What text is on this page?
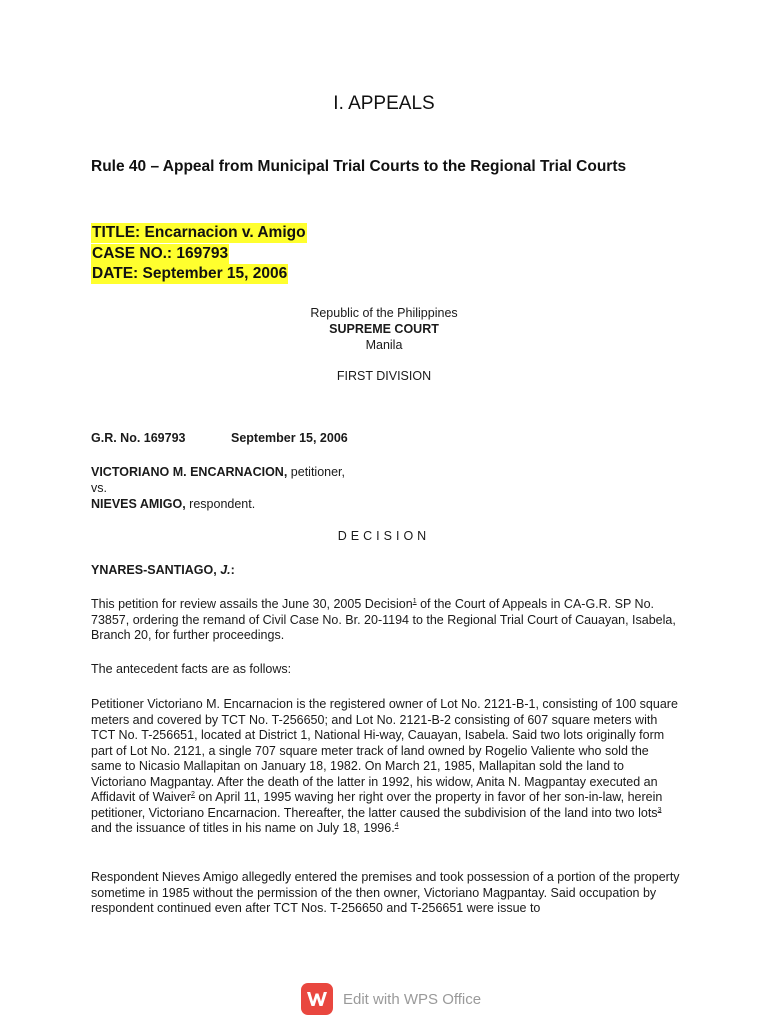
I. APPEALS
Rule 40 – Appeal from Municipal Trial Courts to the Regional Trial Courts
TITLE: Encarnacion v. Amigo
CASE NO.: 169793
DATE: September 15, 2006
Republic of the Philippines
SUPREME COURT
Manila
FIRST DIVISION
G.R. No. 169793	September 15, 2006
VICTORIANO M. ENCARNACION, petitioner,
vs.
NIEVES AMIGO, respondent.
DECISION
YNARES-SANTIAGO, J.:
This petition for review assails the June 30, 2005 Decision$^1$ of the Court of Appeals in CA-G.R. SP No. 73857, ordering the remand of Civil Case No. Br. 20-1194 to the Regional Trial Court of Cauayan, Isabela, Branch 20, for further proceedings.
The antecedent facts are as follows:
Petitioner Victoriano M. Encarnacion is the registered owner of Lot No. 2121-B-1, consisting of 100 square meters and covered by TCT No. T-256650; and Lot No. 2121-B-2 consisting of 607 square meters with TCT No. T-256651, located at District 1, National Hi-way, Cauayan, Isabela. Said two lots originally form part of Lot No. 2121, a single 707 square meter track of land owned by Rogelio Valiente who sold the same to Nicasio Mallapitan on January 18, 1982. On March 21, 1985, Mallapitan sold the land to Victoriano Magpantay. After the death of the latter in 1992, his widow, Anita N. Magpantay executed an Affidavit of Waiver$^2$ on April 11, 1995 waving her right over the property in favor of her son-in-law, herein petitioner, Victoriano Encarnacion. Thereafter, the latter caused the subdivision of the land into two lots$^3$ and the issuance of titles in his name on July 18, 1996.$^4$
Respondent Nieves Amigo allegedly entered the premises and took possession of a portion of the property sometime in 1985 without the permission of the then owner, Victoriano Magpantay. Said occupation by respondent continued even after TCT Nos. T-256650 and T-256651 were issue to
Edit with WPS Office
